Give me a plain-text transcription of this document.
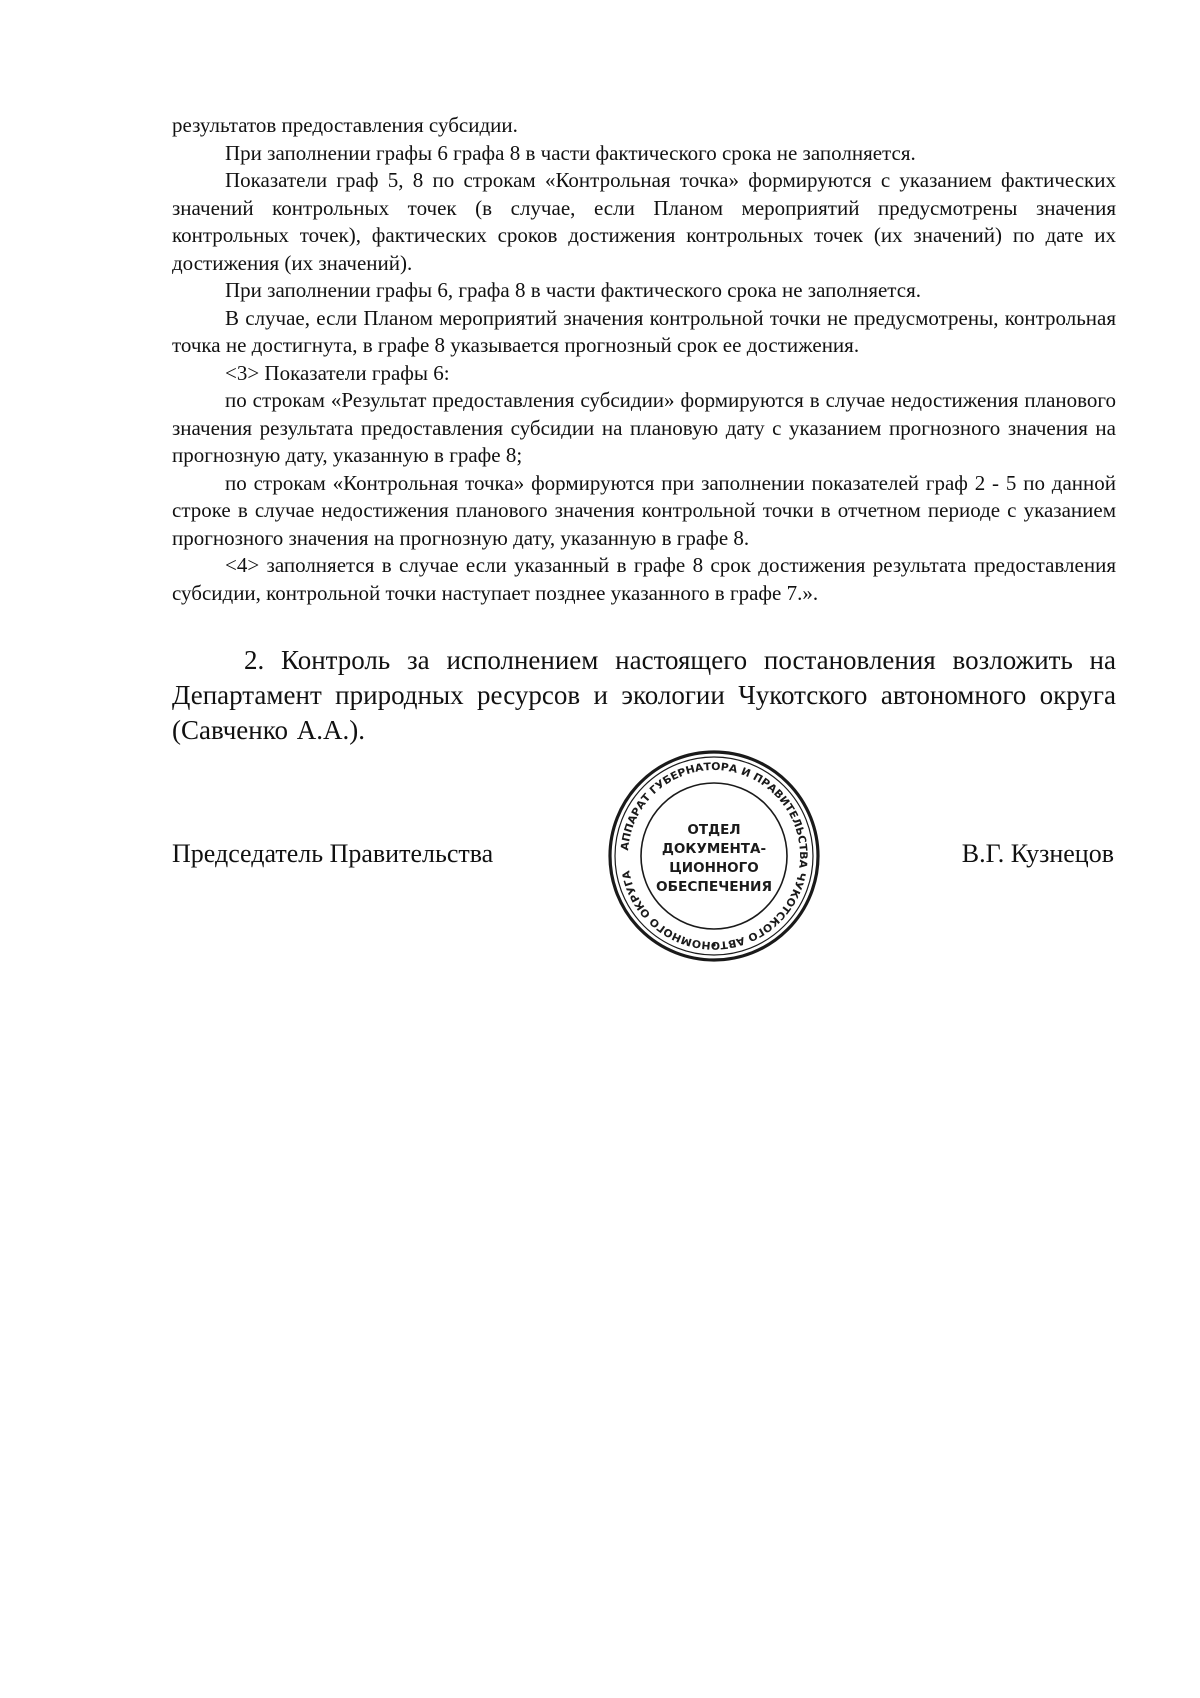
результатов предоставления субсидии.

При заполнении графы 6 графа 8 в части фактического срока не заполняется.

Показатели граф 5, 8 по строкам «Контрольная точка» формируются с указанием фактических значений контрольных точек (в случае, если Планом мероприятий предусмотрены значения контрольных точек), фактических сроков достижения контрольных точек (их значений) по дате их достижения (их значений).

При заполнении графы 6, графа 8 в части фактического срока не заполняется.

В случае, если Планом мероприятий значения контрольной точки не предусмотрены, контрольная точка не достигнута, в графе 8 указывается прогнозный срок ее достижения.

<3> Показатели графы 6:

по строкам «Результат предоставления субсидии» формируются в случае недостижения планового значения результата предоставления субсидии на плановую дату с указанием прогнозного значения на прогнозную дату, указанную в графе 8;

по строкам «Контрольная точка» формируются при заполнении показателей граф 2 - 5 по данной строке в случае недостижения планового значения контрольной точки в отчетном периоде с указанием прогнозного значения на прогнозную дату, указанную в графе 8.

<4> заполняется в случае если указанный в графе 8 срок достижения результата предоставления субсидии, контрольной точки наступает позднее указанного в графе 7.».

2. Контроль за исполнением настоящего постановления возложить на Департамент природных ресурсов и экологии Чукотского автономного округа (Савченко А.А.).

Председатель Правительства	В.Г. Кузнецов
АППАРАТ ГУБЕРНАТОРА И ПРАВИТЕЛЬСТВА ЧУКОТСКОГО АВТ НОМНОГО ОКРУГА
ОТДЕЛ
ДОКУМЕНТА-
ЦИОННОГО
ОБЕСПЕЧЕНИЯ
